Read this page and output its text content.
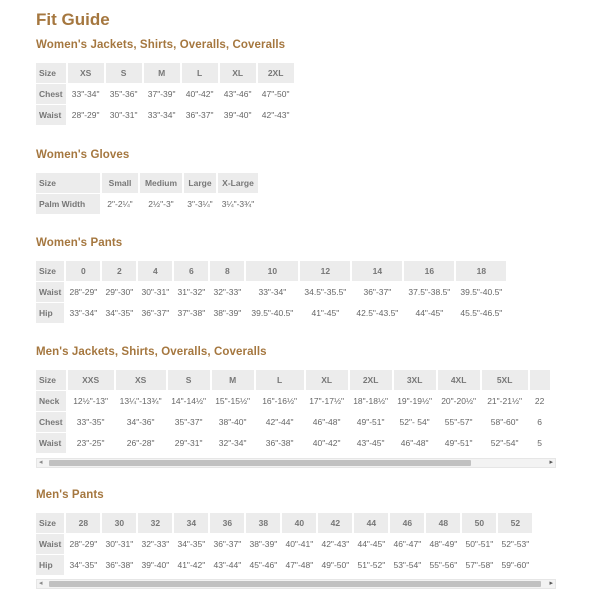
Fit Guide
Women's Jackets, Shirts, Overalls, Coveralls
Size	XS	S	M	L	XL	2XL

Chest	33"-34"	35"-36"	37"-39"	40"-42"	43"-46"	47"-50"

Waist	28"-29"	30"-31"	33"-34"	36"-37"	39"-40"	42"-43"
Women's Gloves
Size	Small	Medium	Large	X-Large

Palm Width	2"-2¼"	2½"-3"	3"-3¼"	3¼"-3¾"
Women's Pants
Size	0	2	4	6	8	10	12	14	16	18

Waist	28"-29"	29"-30"	30"-31"	31"-32"	32"-33"	33"-34"	34.5"-35.5"	36"-37"	37.5"-38.5"	39.5"-40.5"

Hip	33"-34"	34"-35"	36"-37"	37"-38"	38"-39"	39.5"-40.5"	41"-45"	42.5"-43.5"	44"-45"	45.5"-46.5"
Men's Jackets, Shirts, Overalls, Coveralls
Size	XXS	XS	S	M	L	XL	2XL	3XL	4XL	5XL	

Neck	12½"-13"	13¼"-13¾"	14"-14½"	15"-15½"	16"-16½"	17"-17½"	18"-18½"	19"-19½"	20"-20½"	21"-21½"	22

Chest	33"-35"	34"-36"	35"-37"	38"-40"	42"-44"	46"-48"	49"-51"	52"- 54"	55"-57"	58"-60"	6

Waist	23"-25"	26"-28"	29"-31"	32"-34"	36"-38"	40"-42"	43"-45"	46"-48"	49"-51"	52"-54"	5
◂	▸
Men's Pants
Size	28	30	32	34	36	38	40	42	44	46	48	50	52

Waist	28"-29"	30"-31"	32"-33"	34"-35"	36"-37"	38"-39"	40"-41"	42"-43"	44"-45"	46"-47"	48"-49"	50"-51"	52"-53"

Hip	34"-35"	36"-38"	39"-40"	41"-42"	43"-44"	45"-46"	47"-48"	49"-50"	51"-52"	53"-54"	55"-56"	57"-58"	59"-60"
◂	▸
